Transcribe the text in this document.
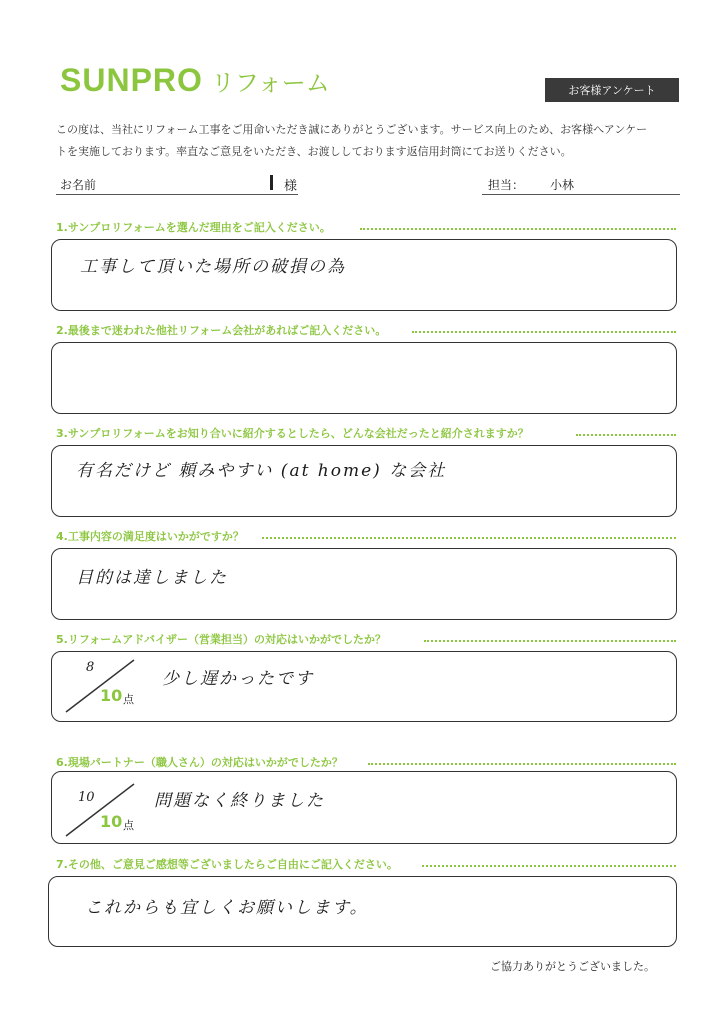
SUNPRO リフォーム	お客様アンケート
この度は、当社にリフォーム工事をご用命いただき誠にありがとうございます。サービス向上のため、お客様へアンケー
トを実施しております。率直なご意見をいただき、お渡ししております返信用封筒にてお送りください。
お名前	様	担当： 小林
1.サンプロリフォームを選んだ理由をご記入ください。
工事して頂いた場所の破損の為
2.最後まで迷われた他社リフォーム会社があればご記入ください。
3.サンプロリフォームをお知り合いに紹介するとしたら、どんな会社だったと紹介されますか？
有名だけど 頼みやすい (at home) な会社
4.工事内容の満足度はいかがですか？
目的は達しました
5.リフォームアドバイザー（営業担当）の対応はいかがでしたか？
8
10 点
少し遅かったです
6.現場パートナー（職人さん）の対応はいかがでしたか？
10
10 点
問題なく終りました
7.その他、ご意見ご感想等ございましたらご自由にご記入ください。
これからも宜しくお願いします。
ご協力ありがとうございました。
